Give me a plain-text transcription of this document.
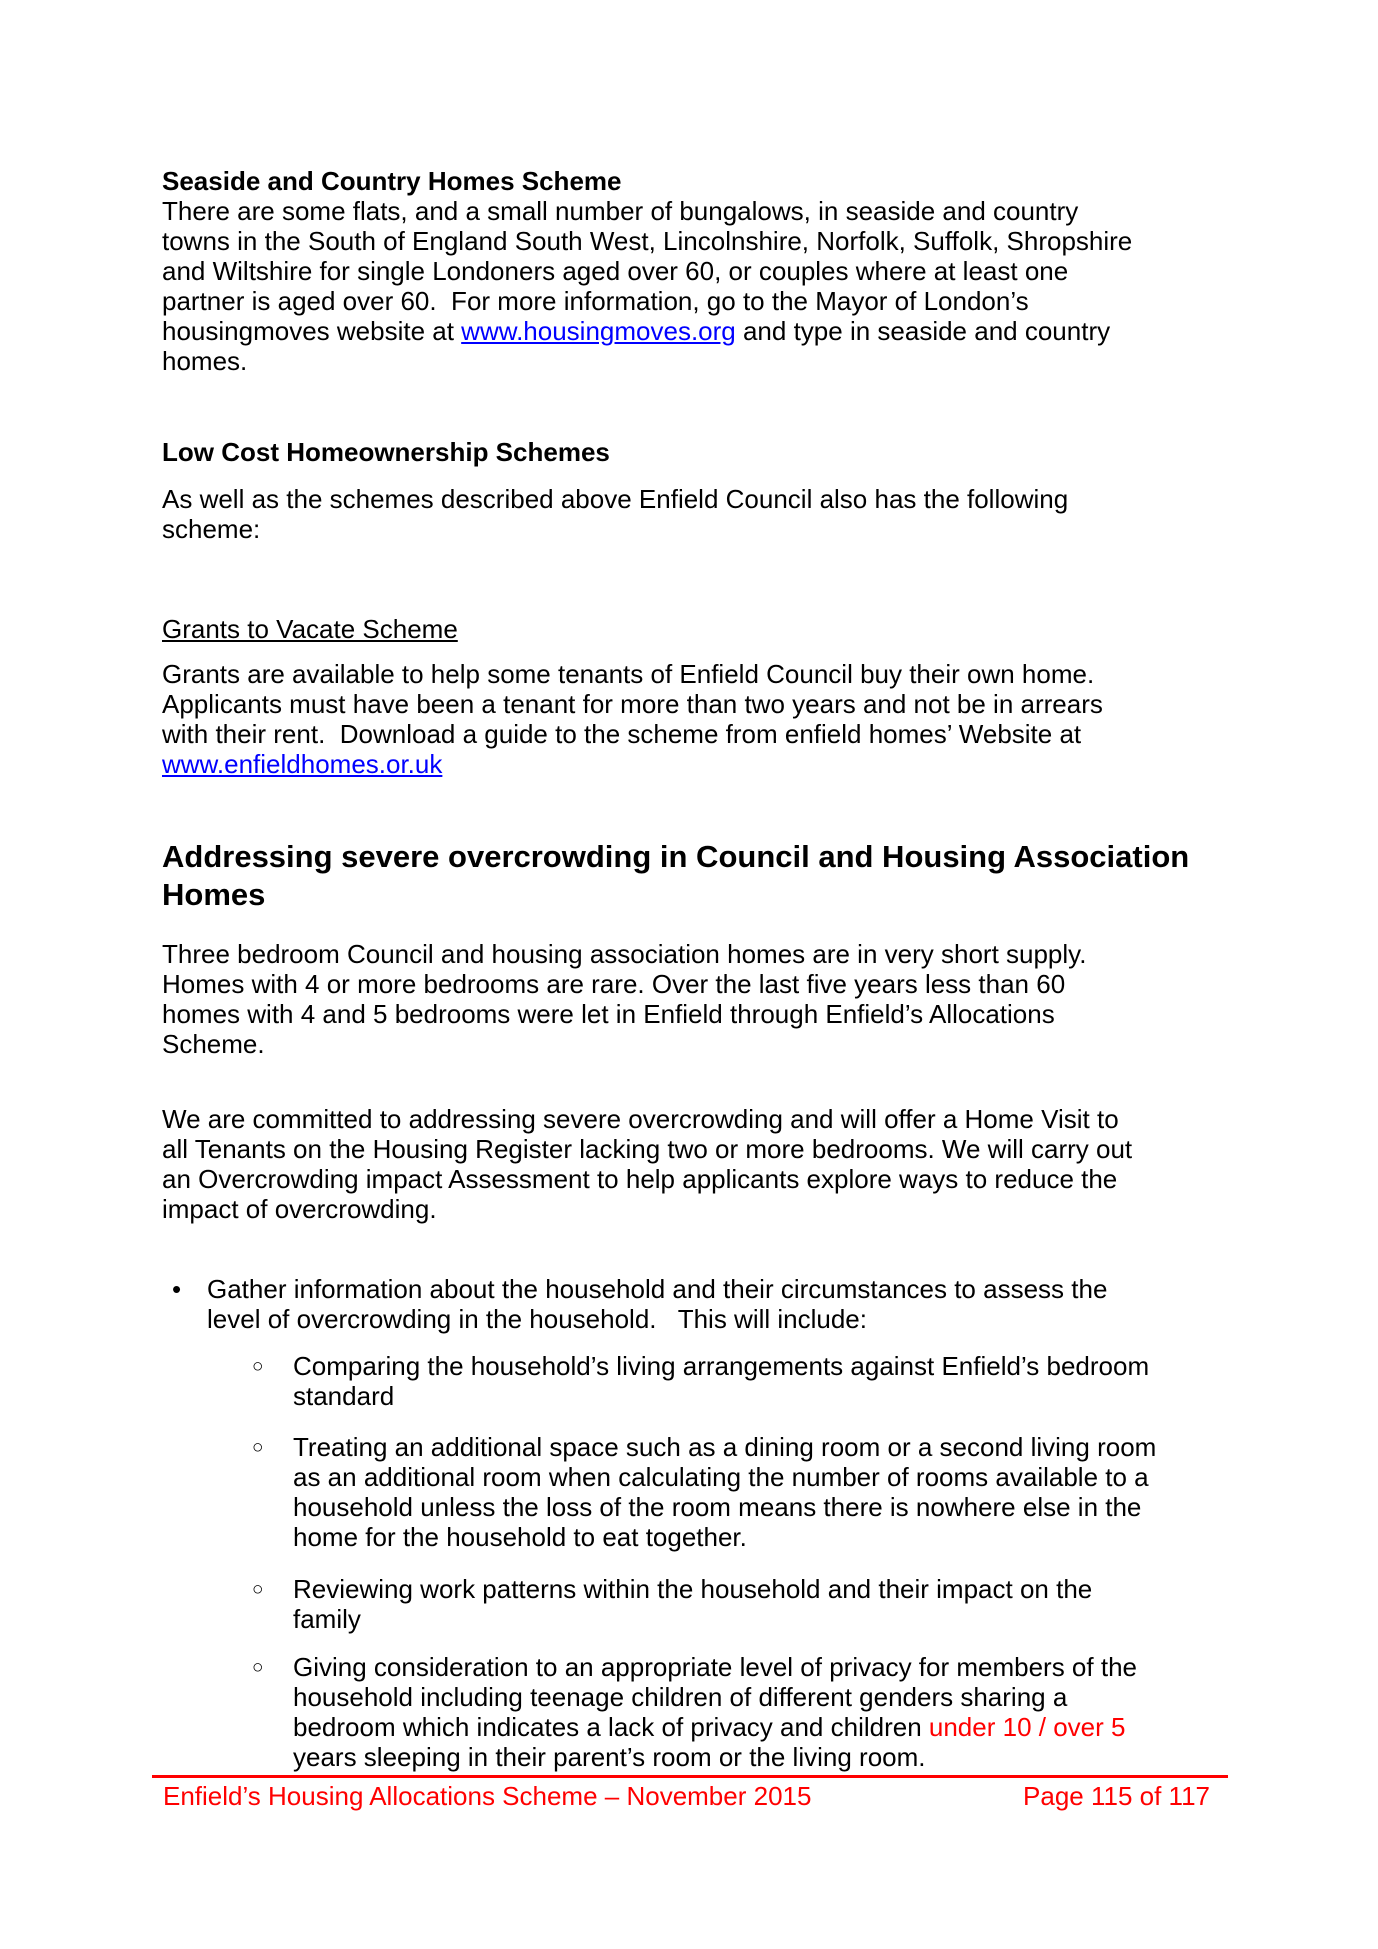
Seaside and Country Homes Scheme
There are some flats, and a small number of bungalows, in seaside and country
towns in the South of England South West, Lincolnshire, Norfolk, Suffolk, Shropshire
and Wiltshire for single Londoners aged over 60, or couples where at least one
partner is aged over 60.  For more information, go to the Mayor of London’s
housingmoves website at www.housingmoves.org and type in seaside and country
homes.
Low Cost Homeownership Schemes
As well as the schemes described above Enfield Council also has the following
scheme:
Grants to Vacate Scheme
Grants are available to help some tenants of Enfield Council buy their own home.
Applicants must have been a tenant for more than two years and not be in arrears
with their rent.  Download a guide to the scheme from enfield homes’ Website at
www.enfieldhomes.or.uk
Addressing severe overcrowding in Council and Housing Association
Homes
Three bedroom Council and housing association homes are in very short supply.
Homes with 4 or more bedrooms are rare. Over the last five years less than 60
homes with 4 and 5 bedrooms were let in Enfield through Enfield’s Allocations
Scheme.
We are committed to addressing severe overcrowding and will offer a Home Visit to
all Tenants on the Housing Register lacking two or more bedrooms. We will carry out
an Overcrowding impact Assessment to help applicants explore ways to reduce the
impact of overcrowding.
• Gather information about the household and their circumstances to assess the
level of overcrowding in the household.   This will include:
○	Comparing the household’s living arrangements against Enfield’s bedroom
standard
○	Treating an additional space such as a dining room or a second living room
as an additional room when calculating the number of rooms available to a
household unless the loss of the room means there is nowhere else in the
home for the household to eat together.
○	Reviewing work patterns within the household and their impact on the
family
○	Giving consideration to an appropriate level of privacy for members of the
household including teenage children of different genders sharing a
bedroom which indicates a lack of privacy and children under 10 / over 5
years sleeping in their parent’s room or the living room.
Enfield’s Housing Allocations Scheme – November 2015	Page 115 of 117
